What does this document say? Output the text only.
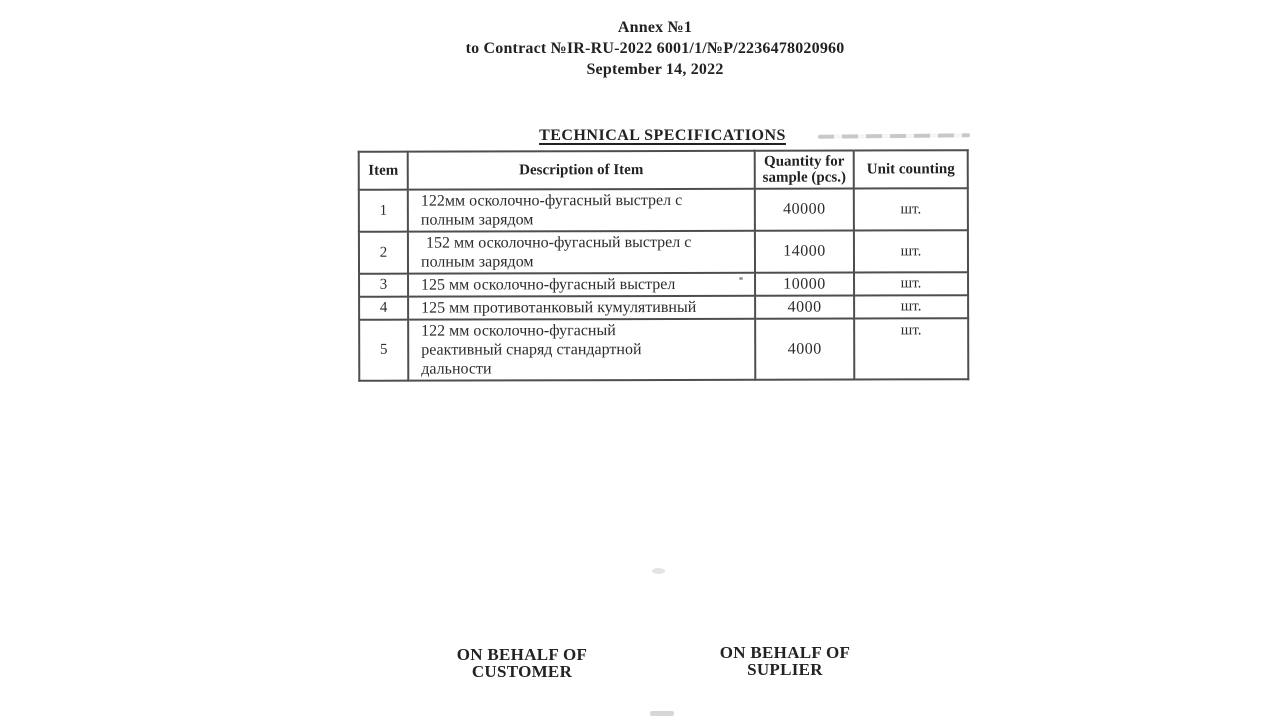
Annex №1
to Contract №IR-RU-2022 6001/1/№P/2236478020960
September 14, 2022
TECHNICAL SPECIFICATIONS
Item	Description of Item	Quantity for sample (pcs.)	Unit counting
1	122мм осколочно-фугасный выстрел с полным зарядом	40000	шт.
2	152 мм осколочно-фугасный выстрел с полным зарядом	14000	шт.
3	125 мм осколочно-фугасный выстрел	10000	шт.
4	125 мм противотанковый кумулятивный	4000	шт.
5	122 мм осколочно-фугасный реактивный снаряд стандартной дальности	4000	шт.
ON BEHALF OF
CUSTOMER
ON BEHALF OF
SUPLIER
